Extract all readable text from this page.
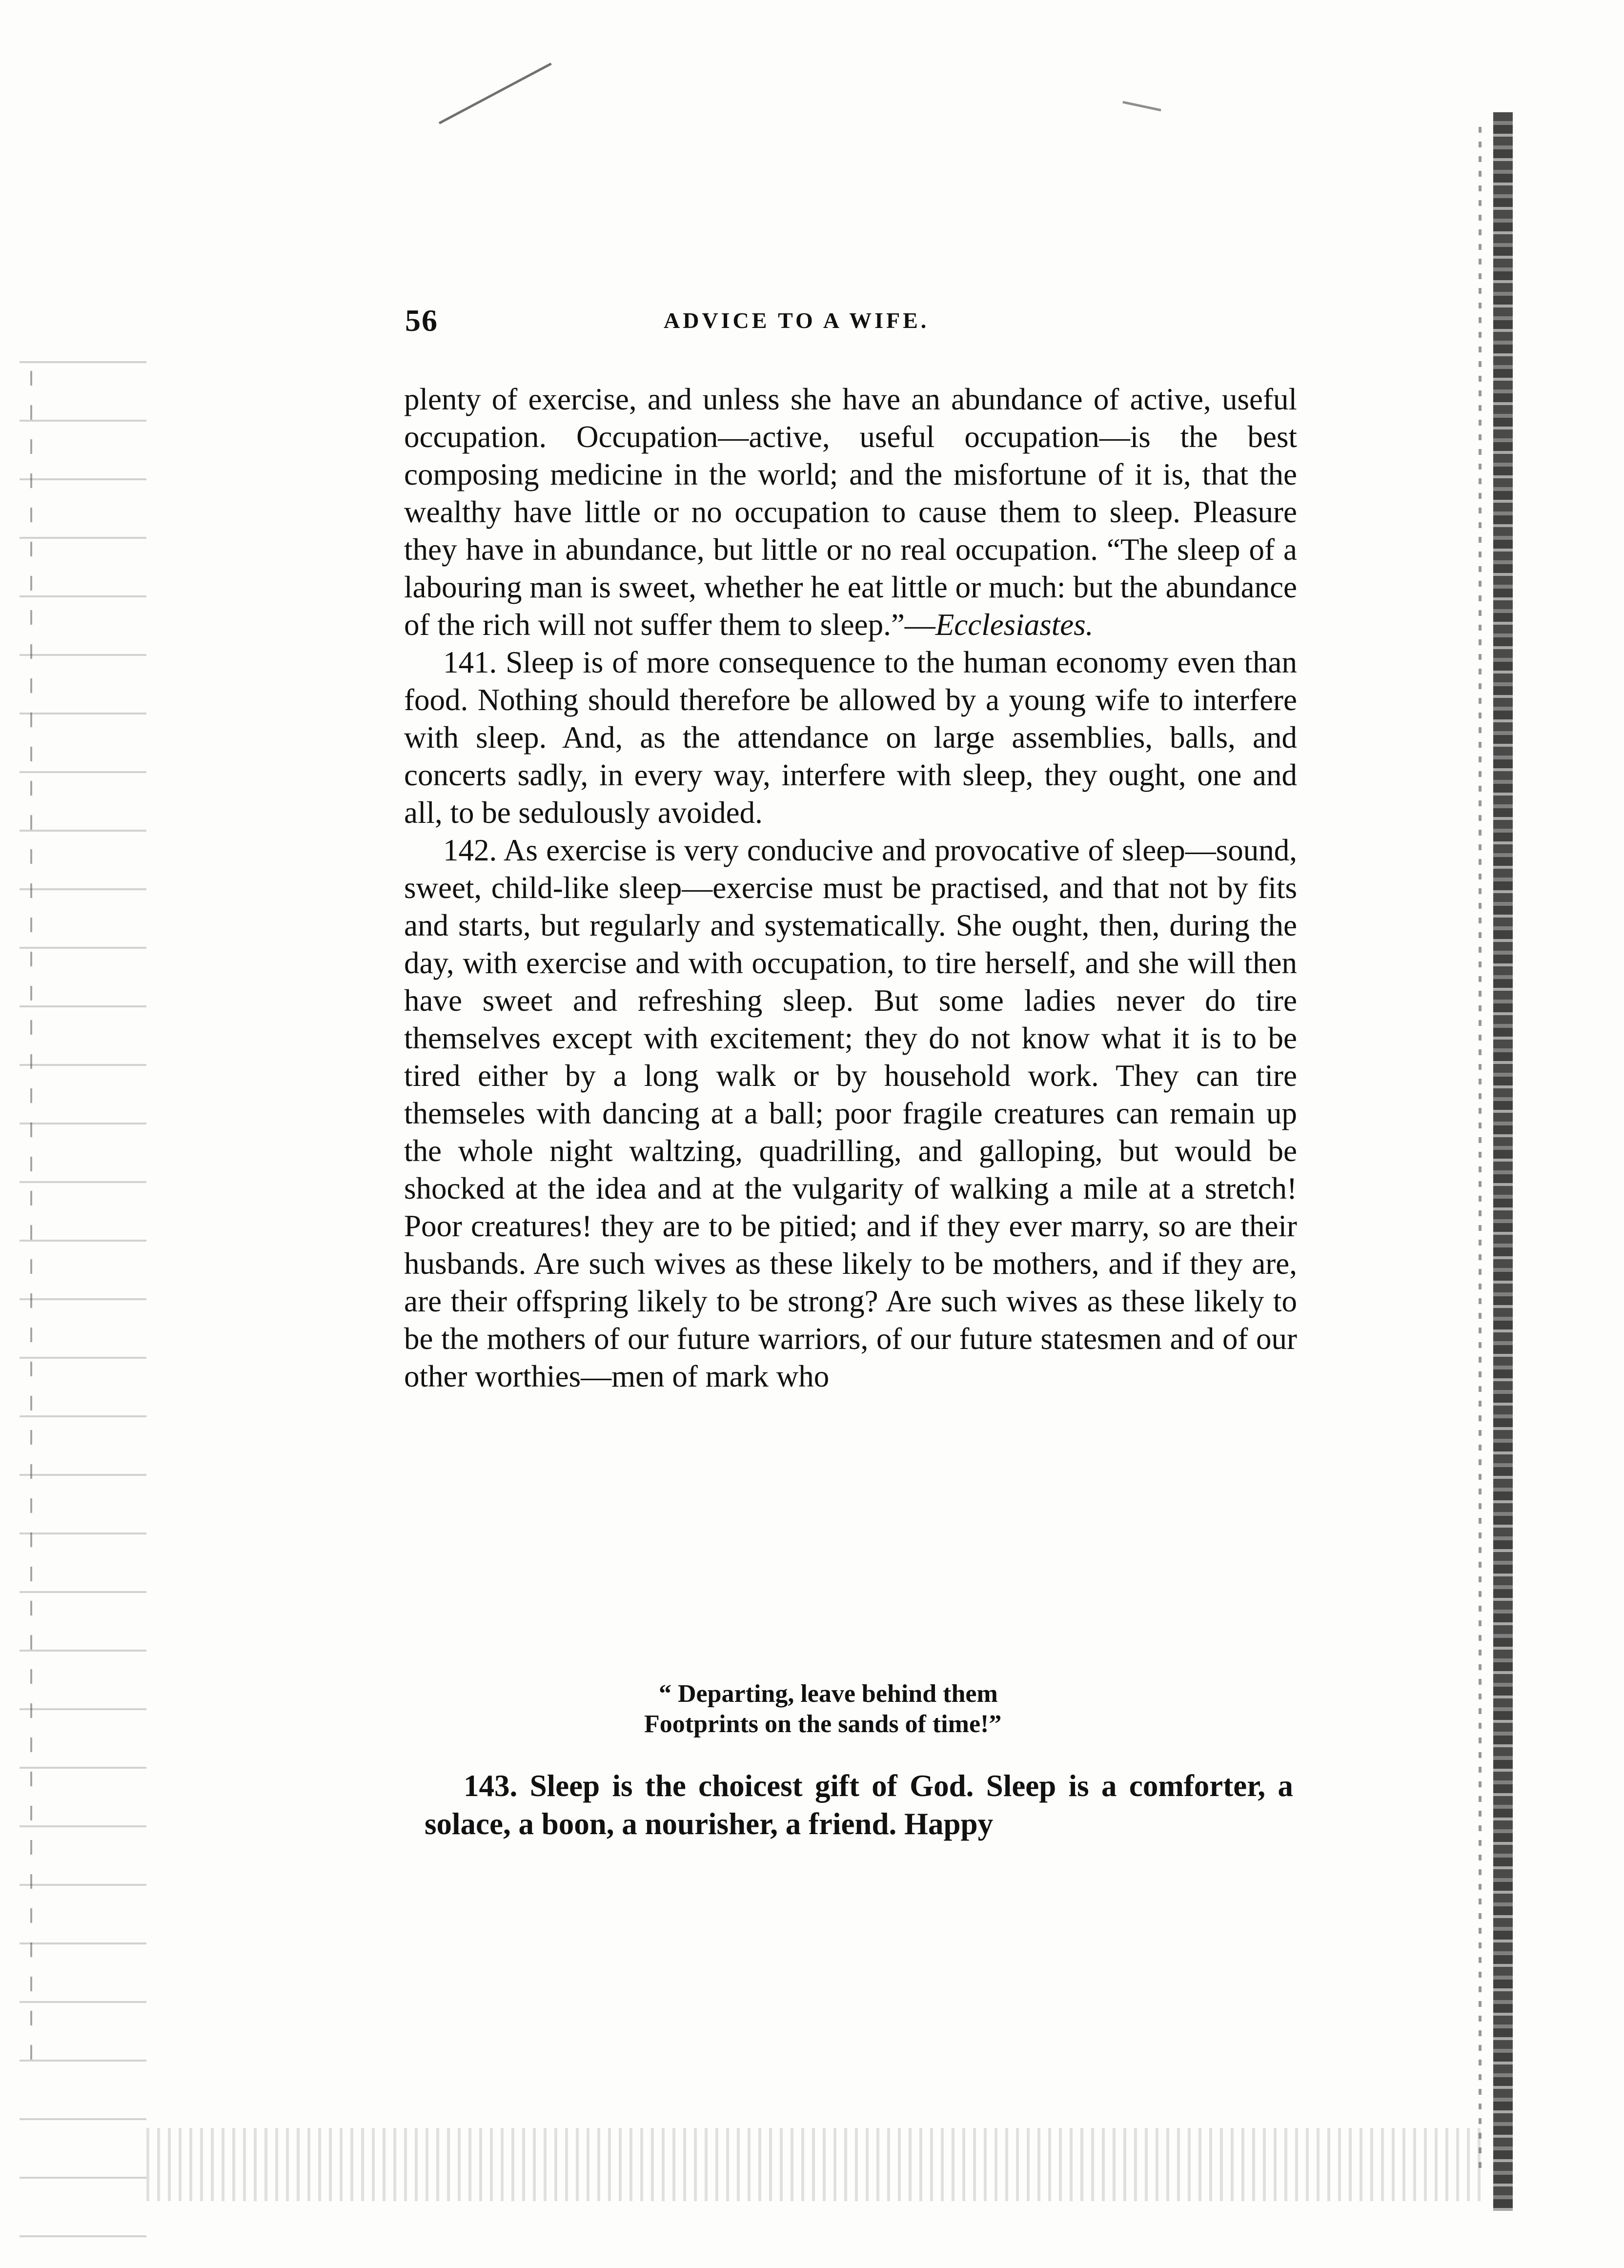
56	ADVICE TO A WIFE.

plenty of exercise, and unless she have an abundance of active, useful occupation. Occupation—active, useful occupation—is the best composing medicine in the world; and the misfortune of it is, that the wealthy have little or no occupation to cause them to sleep. Pleasure they have in abundance, but little or no real occupation. “The sleep of a labouring man is sweet, whether he eat little or much: but the abundance of the rich will not suffer them to sleep.”—Ecclesiastes.

141. Sleep is of more consequence to the human economy even than food. Nothing should therefore be allowed by a young wife to interfere with sleep. And, as the attendance on large assemblies, balls, and concerts sadly, in every way, interfere with sleep, they ought, one and all, to be sedulously avoided.

142. As exercise is very conducive and provocative of sleep—sound, sweet, child-like sleep—exercise must be practised, and that not by fits and starts, but regularly and systematically. She ought, then, during the day, with exercise and with occupation, to tire herself, and she will then have sweet and refreshing sleep. But some ladies never do tire themselves except with excitement; they do not know what it is to be tired either by a long walk or by household work. They can tire themseles with dancing at a ball; poor fragile creatures can remain up the whole night waltzing, quadrilling, and galloping, but would be shocked at the idea and at the vulgarity of walking a mile at a stretch! Poor creatures! they are to be pitied; and if they ever marry, so are their husbands. Are such wives as these likely to be mothers, and if they are, are their offspring likely to be strong? Are such wives as these likely to be the mothers of our future warriors, of our future statesmen and of our other worthies—men of mark who

“ Departing, leave behind them
Footprints on the sands of time!”

143. Sleep is the choicest gift of God. Sleep is a comforter, a solace, a boon, a nourisher, a friend. Happy
